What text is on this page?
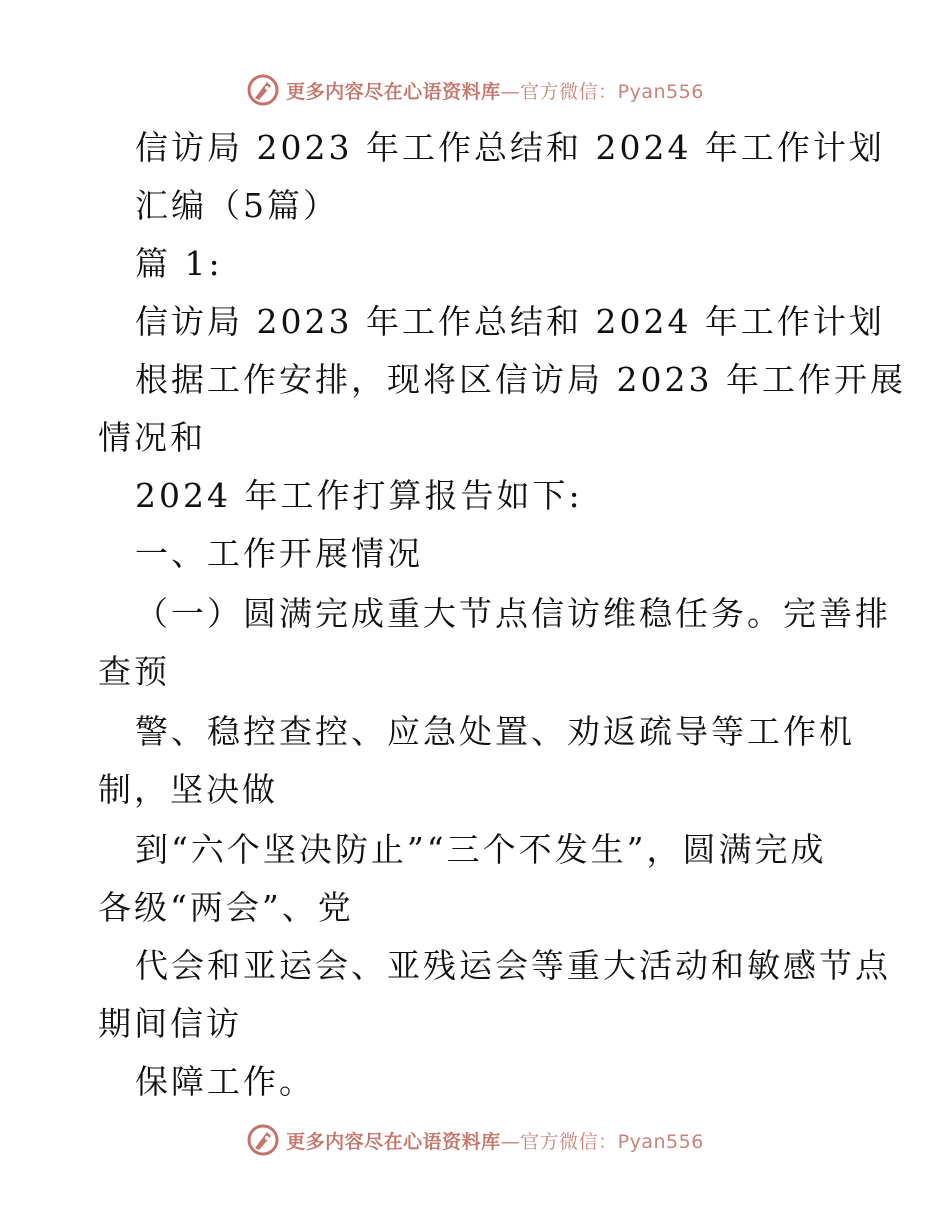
更多内容尽在心语资料库—官方微信：Pyan556
信访局 2023 年工作总结和 2024 年工作计划
汇编（5篇）
篇 1:
信访局 2023 年工作总结和 2024 年工作计划
根据工作安排，现将区信访局 2023 年工作开展
情况和
2024 年工作打算报告如下:
一、工作开展情况
（一）圆满完成重大节点信访维稳任务。完善排
查预
警、稳控查控、应急处置、劝返疏导等工作机
制，坚决做
到“六个坚决防止”“三个不发生”，圆满完成
各级“两会”、党
代会和亚运会、亚残运会等重大活动和敏感节点
期间信访
保障工作。
更多内容尽在心语资料库—官方微信：Pyan556
